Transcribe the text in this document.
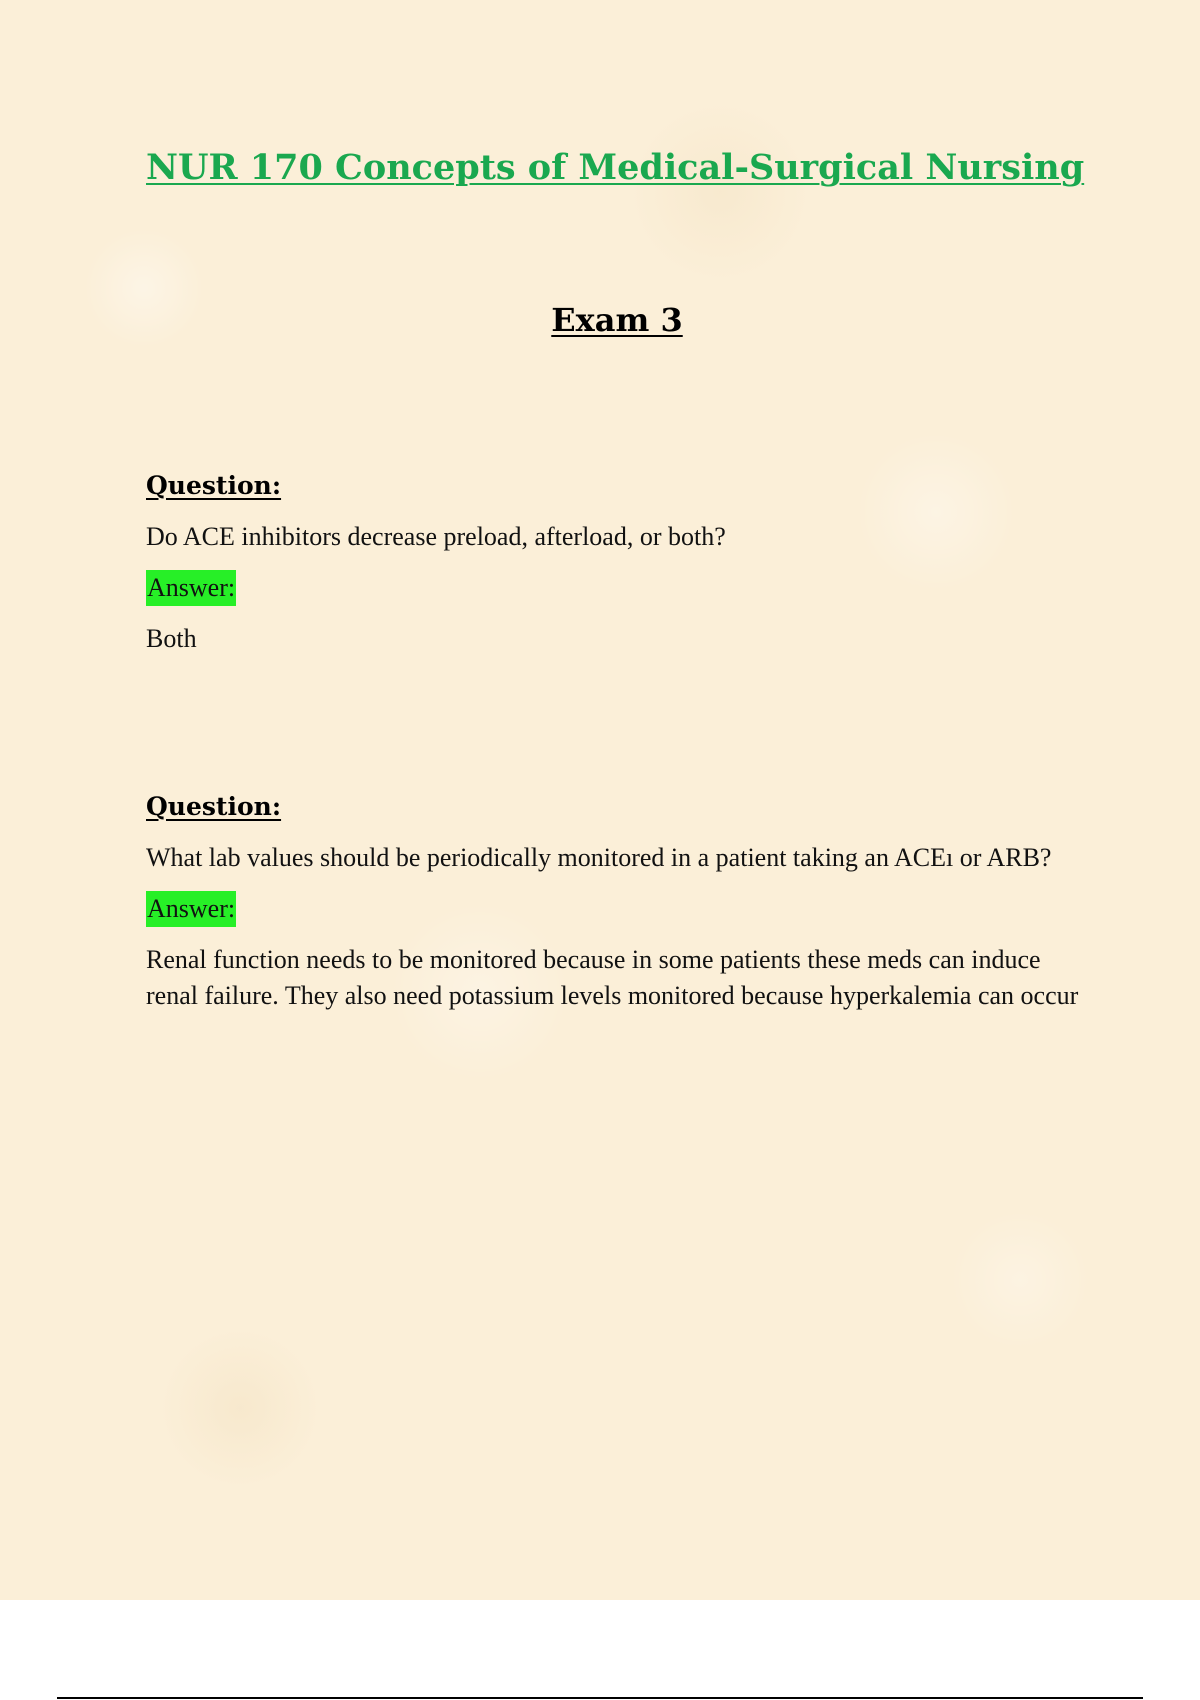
NUR 170 Concepts of Medical-Surgical Nursing
Exam 3

Question:

Do ACE inhibitors decrease preload, afterload, or both?

Answer:

Both

Question:

What lab values should be periodically monitored in a patient taking an ACEı or ARB?

Answer:

Renal function needs to be monitored because in some patients these meds can induce renal failure. They also need potassium levels monitored because hyperkalemia can occur
